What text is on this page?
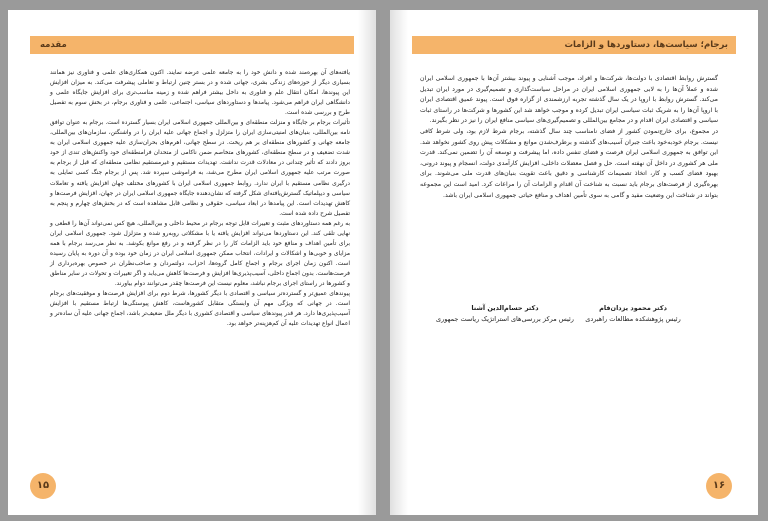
مقدمه

یافته‌های آن بهره‌مند شده و دانش خود را به جامعه علمی عرضه نمایند. اکنون همکاری‌های علمی و فناوری نیز همانند بسیاری دیگر از حوزه‌های زندگی بشری، جهانی شده و در بستر چنین ارتباط و تعاملی پیشرفت می‌کند. به میزان افزایش این پیوندها، امکان انتقال علم و فناوری به داخل بیشتر فراهم شده و زمینه مناسب‌تری برای افزایش جایگاه علمی و دانشگاهی ایران فراهم می‌شود. پیامدها و دستاوردهای سیاسی، اجتماعی، علمی و فناوری برجام، در بخش سوم به تفصیل طرح و بررسی شده است.

تأثیرات برجام بر جایگاه و منزلت منطقه‌ای و بین‌المللی جمهوری اسلامی ایران بسیار گسترده است. برجام به عنوان توافق نامه بین‌المللی، بنیان‌های امنیتی‌سازی ایران را متزلزل و اجماع جهانی علیه ایران را در واشنگتن، سازمان‌های بین‌المللی، جامعه جهانی و کشورهای منطقه‌ای بر هم ریخت. در سطح جهانی، اهرم‌های بحران‌سازی علیه جمهوری اسلامی ایران به شدت تضعیف و در سطح منطقه‌ای، کشورهای متخاصم ضمن ناکامی از متحدان فرامنطقه‌ای خود واکنش‌های تندی از خود بروز دادند که تأثیر چندانی در معادلات قدرت نداشت. تهدیدات مستقیم و غیرمستقیم نظامی منطقه‌ای که قبل از برجام به صورت مرتب علیه جمهوری اسلامی ایران مطرح می‌شد، به فراموشی سپرده شد. پس از برجام جنگ کسی تمایلی به درگیری نظامی مستقیم با ایران ندارد. روابط جمهوری اسلامی ایران با کشورهای مختلف جهان افزایش یافته و تعاملات سیاسی و دیپلماتیک گسترش‌یافته‌ای شکل گرفته که نشان‌دهنده جایگاه جمهوری اسلامی ایران در جهان، افزایش فرصت‌ها و کاهش تهدیدات است. این پیامدها در ابعاد سیاسی، حقوقی و نظامی قابل مشاهده است که در بخش‌های چهارم و پنجم به تفصیل شرح داده شده است.

به رغم همه دستاوردهای مثبت و تغییرات قابل توجه برجام در محیط داخلی و بین‌المللی، هیچ کس نمی‌تواند آن‌ها را قطعی و نهایی تلقی کند. این دستاوردها می‌تواند افزایش یافته یا با مشکلاتی روبه‌رو شده و متزلزل شود. جمهوری اسلامی ایران برای تأمین اهداف و منافع خود باید الزامات کار را در نظر گرفته و در رفع موانع بکوشد. به نظر می‌رسد برجام با همه مزایای و خوبی‌ها و اشکالات و ایرادات، انتخاب ممکن جمهوری اسلامی ایران در زمان خود بوده و آن دوره به پایان رسیده است. اکنون زمان اجرای برجام و اجماع کامل گروه‌ها، احزاب، دولتمردان و صاحب‌نظران در خصوص بهره‌برداری از فرصت‌هاست. بدون اجماع داخلی، آسیب‌پذیری‌ها افزایش و فرصت‌ها کاهش می‌یابد و اگر تغییرات و تحولات در سایر مناطق و کشورها در راستای اجرای برجام نباشد، معلوم نیست این فرصت‌ها چقدر می‌توانند دوام بیاورند.

پیوندهای عمیق‌تر و گسترده‌تر سیاسی و اقتصادی با دیگر کشورها، شرط دوم برای افزایش فرصت‌ها و موفقیت‌های برجام است. در جهانی که ویژگی مهم آن وابستگی متقابل کشورهاست، کاهش پیوستگی‌ها ارتباط مستقیم با افزایش آسیب‌پذیری‌ها دارد. هر قدر پیوندهای سیاسی و اقتصادی کشوری با دیگر ملل ضعیف‌تر باشد، اجماع جهانی علیه آن ساده‌تر و اعمال انواع تهدیدات علیه آن کم‌هزینه‌تر خواهد بود.

۱۵
برجام؛ سیاست‌ها، دستاوردها و الزامات

گسترش روابط اقتصادی با دولت‌ها، شرکت‌ها و افراد، موجب آشنایی و پیوند بیشتر آن‌ها با جمهوری اسلامی ایران شده و عملاً آن‌ها را به لابی جمهوری اسلامی ایران در مراحل سیاست‌گذاری و تصمیم‌گیری در مورد ایران تبدیل می‌کند. گسترش روابط با اروپا در یک سال گذشته تجربه ارزشمندی از گزاره فوق است. پیوند عمیق اقتصادی ایران با اروپا آن‌ها را به شریک ثبات سیاسی ایران تبدیل کرده و موجب خواهد شد این کشورها و شرکت‌ها در راستای ثبات سیاسی و اقتصادی ایران اقدام و در مجامع بین‌المللی و تصمیم‌گیری‌های سیاسی منافع ایران را نیز در نظر بگیرند.

در مجموع، برای خارج‌نمودن کشور از فضای نامناسب چند سال گذشته، برجام شرط لازم بود، ولی شرط کافی نیست. برجام خودبه‌خود باعث جبران آسیب‌های گذشته و برطرف‌شدن موانع و مشکلات پیش روی کشور نخواهد شد. این توافق به جمهوری اسلامی ایران فرصت و فضای تنفس داده، اما پیشرفت و توسعه آن را تضمین نمی‌کند. قدرت ملی هر کشوری در داخل آن نهفته است. حل و فصل معضلات داخلی، افزایش کارآمدی دولت، انسجام و پیوند درونی، بهبود فضای کسب و کار، اتخاذ تصمیمات کارشناسی و دقیق باعث تقویت بنیان‌های قدرت ملی می‌شوند. برای بهره‌گیری از فرصت‌های برجام باید نسبت به شناخت آن اقدام و الزامات آن را مراعات کرد. امید است این مجموعه بتواند در شناخت این وضعیت مفید و گامی به سوی تأمین اهداف و منافع حیاتی جمهوری اسلامی ایران باشد.

دکتر محمود یزدان‌فام
رئیس پژوهشکده مطالعات راهبردی
دکتر حسام‌الدین آشنا
رئیس مرکز بررسی‌های استراتژیک ریاست جمهوری
۱۶
